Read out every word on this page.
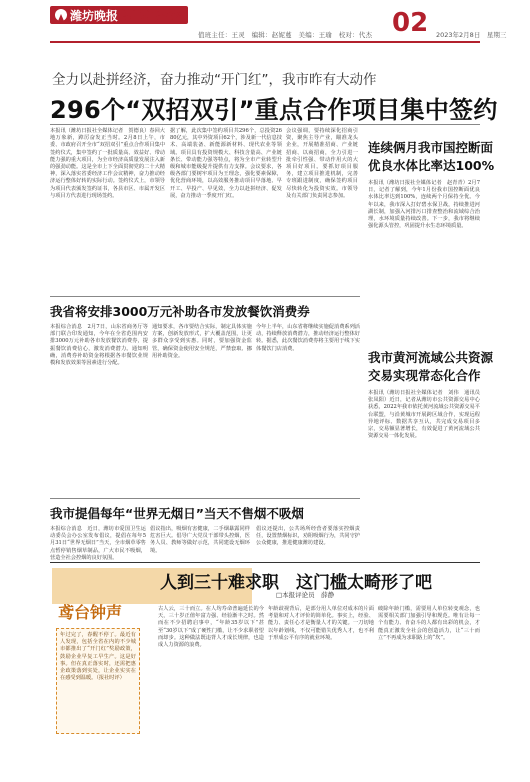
潍坊晚报 要闻评论
值班主任：王灵　编辑：赵妮蔓　美编：王瑜　校对：代杰 02 2023年2月8日　星期三
全力以赴拼经济，奋力推动“开门红”，我市昨有大动作
296个“双招双引”重点合作项目集中签约
本报讯（潍坊日报社全媒体记者　贺德良）春回大地万象新，踔厉奋发正当时。2月8日上午，市委、市政府召开全市“双招双引”重点合作项目集中签约仪式，集中签约了一批质量高、效益好、带动能力强的重大项目，为全市经济高质量发展注入新的强劲动能。这是全市上下全面贯彻党的二十大精神，深入落实省委经济工作会议精神，奋力推动经济运行整体好转的实际行动。签约仪式上，市领导为项目代表颁发签约证书，各县市区、市属开发区与项目方代表进行现场签约。
据了解，此次集中签约项目共296个，总投资2680亿元，其中外资项目62个，涉及新一代信息技术、高端装备、新能源新材料、现代农业等领域。项目具有投资规模大、科技含量高、产业链条长、带动能力强等特点，将为全市产业转型升级和城市能级提升提供有力支撑。会议要求，各级各部门要树牢项目为王理念，强化要素保障，优化营商环境，以高效服务推动项目早落地、早开工、早投产、早见效，全力以赴拼经济、促发展，奋力推动一季度开门红。
会议强调，要持续深化招商引资，聚焦主导产业，瞄准龙头企业，开展精准招商、产业链招商、以商招商，全力引进一批牵引性强、带动作用大的大项目好项目。要抓好项目服务，建立项目推进机制，完善专班跟进制度，确保签约项目尽快转化为投资实效。市领导及有关部门负责同志参加。
连续俩月我市国控断面
优良水体比率达100%
本报讯（潍坊日报社全媒体记者　赵青青）2月7日，记者了解到，今年1月份我市国控断面优良水体比率达到100%，连续两个月保持全优。今年以来，我市深入打好碧水保卫战，持续推进河湖长制，加强入河排污口排查整治和流域综合治理，水环境质量持续改善。下一步，我市将继续强化源头管控，巩固提升水生态环境质量。
我省将安排3000万元补助各市发放餐饮消费券
本报综合消息　2月7日，山东省商务厅等部门联合印发通知，今年在全省范围内安排3000万元补助各市发放餐饮消费券，提振餐饮消费信心，激发消费潜力。通知明确，消费券补助资金将根据各市餐饮业规模和发放效果等因素进行分配。
通知要求，各市要结合实际，制定具体实施方案，创新发放形式，扩大覆盖范围，让更多群众享受到实惠。同时，要加强资金监管，确保资金使用安全规范，严禁套取、挪用补助资金。
今年上半年，山东省将继续实施促消费系列活动，持续释放消费潜力，推动经济运行整体好转。据悉，此次餐饮消费券将主要用于线下实体餐饮门店消费。
我市黄河流域公共资源
交易实现常态化合作
本报讯（潍坊日报社全媒体记者　刘伟　通讯员　张凤阳）近日，记者从潍坊市公共资源交易中心获悉，2022年我市依托黄河流域公共资源交易平台联盟，与沿黄城市开展跨区域合作，实现远程异地评标、数据共享互认，共完成交易项目多宗，交易额显著增长，有效促进了黄河流域公共资源交易一体化发展。
我市提倡每年“世界无烟日”当天不售烟不吸烟
本报综合消息　近日，潍坊市爱国卫生运动委员会办公室发布倡议，提倡在每年5月31日“世界无烟日”当天，全市烟草零售点暂停销售烟草制品，广大市民不吸烟，营造全社会控烟的良好氛围。
倡议指出，吸烟有害健康，二手烟暴露同样危害巨大。倡导广大党员干部带头控烟，医务人员、教师等做好示范，共同建设无烟环境。
倡议还提出，公共场所经营者要落实控烟责任，设置禁烟标识，劝阻吸烟行为，共同守护公众健康，推进健康潍坊建设。
人到三十难求职　这门槛太畸形了吧
□本报评论员　薛静
鸢台钟声
年过完了，春醒不停了。最近有人发现，包括全省在内的不少城市都推出了“开门红”奖励政策，鼓励企业早复工早生产。这是好事。但在真正落实时，还需把惠企政策落到实处，让企业实实在在感受到温暖。（报社时评）
古人云，三十而立。在人均寿命普遍延长的今天，三十岁正值年富力强、经验渐丰之时。然而在不少招聘启事中，“年龄35岁以下”甚至“30岁以下”成了硬性门槛，让不少求职者望而却步。这种做法既违背人才成长规律，也造成人力资源的浪费。
年龄歧视背后，是部分用人单位对成本的片面考量和对人才评价的简单化。事实上，经验、能力、责任心才是衡量人才的关键。一刀切地以年龄划线，不仅可能错失优秀人才，也不利于形成公平有序的就业环境。
破除年龄门槛，需要用人单位转变观念，也需要相关部门加强引导和规范。唯有让每一个有能力、肯奋斗的人都有出彩的机会，才能真正激发全社会的创造活力，让“三十而立”不再成为求职路上的“坎”。
